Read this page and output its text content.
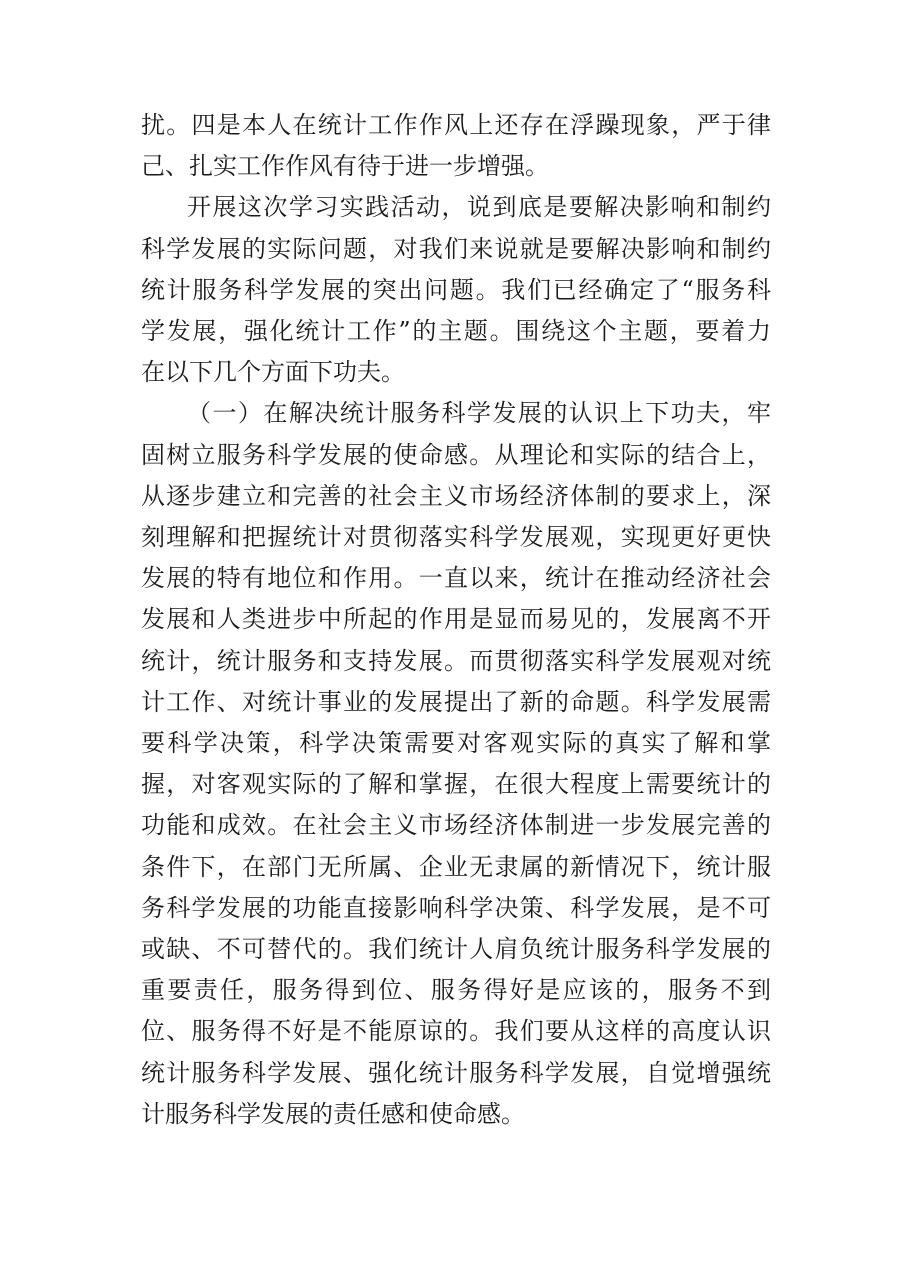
扰。四是本人在统计工作作风上还存在浮躁现象，严于律
己、扎实工作作风有待于进一步增强。
开展这次学习实践活动，说到底是要解决影响和制约
科学发展的实际问题，对我们来说就是要解决影响和制约
统计服务科学发展的突出问题。我们已经确定了“服务科
学发展，强化统计工作”的主题。围绕这个主题，要着力
在以下几个方面下功夫。
（一）在解决统计服务科学发展的认识上下功夫，牢
固树立服务科学发展的使命感。从理论和实际的结合上，
从逐步建立和完善的社会主义市场经济体制的要求上，深
刻理解和把握统计对贯彻落实科学发展观，实现更好更快
发展的特有地位和作用。一直以来，统计在推动经济社会
发展和人类进步中所起的作用是显而易见的，发展离不开
统计，统计服务和支持发展。而贯彻落实科学发展观对统
计工作、对统计事业的发展提出了新的命题。科学发展需
要科学决策，科学决策需要对客观实际的真实了解和掌
握，对客观实际的了解和掌握，在很大程度上需要统计的
功能和成效。在社会主义市场经济体制进一步发展完善的
条件下，在部门无所属、企业无隶属的新情况下，统计服
务科学发展的功能直接影响科学决策、科学发展，是不可
或缺、不可替代的。我们统计人肩负统计服务科学发展的
重要责任，服务得到位、服务得好是应该的，服务不到
位、服务得不好是不能原谅的。我们要从这样的高度认识
统计服务科学发展、强化统计服务科学发展，自觉增强统
计服务科学发展的责任感和使命感。
